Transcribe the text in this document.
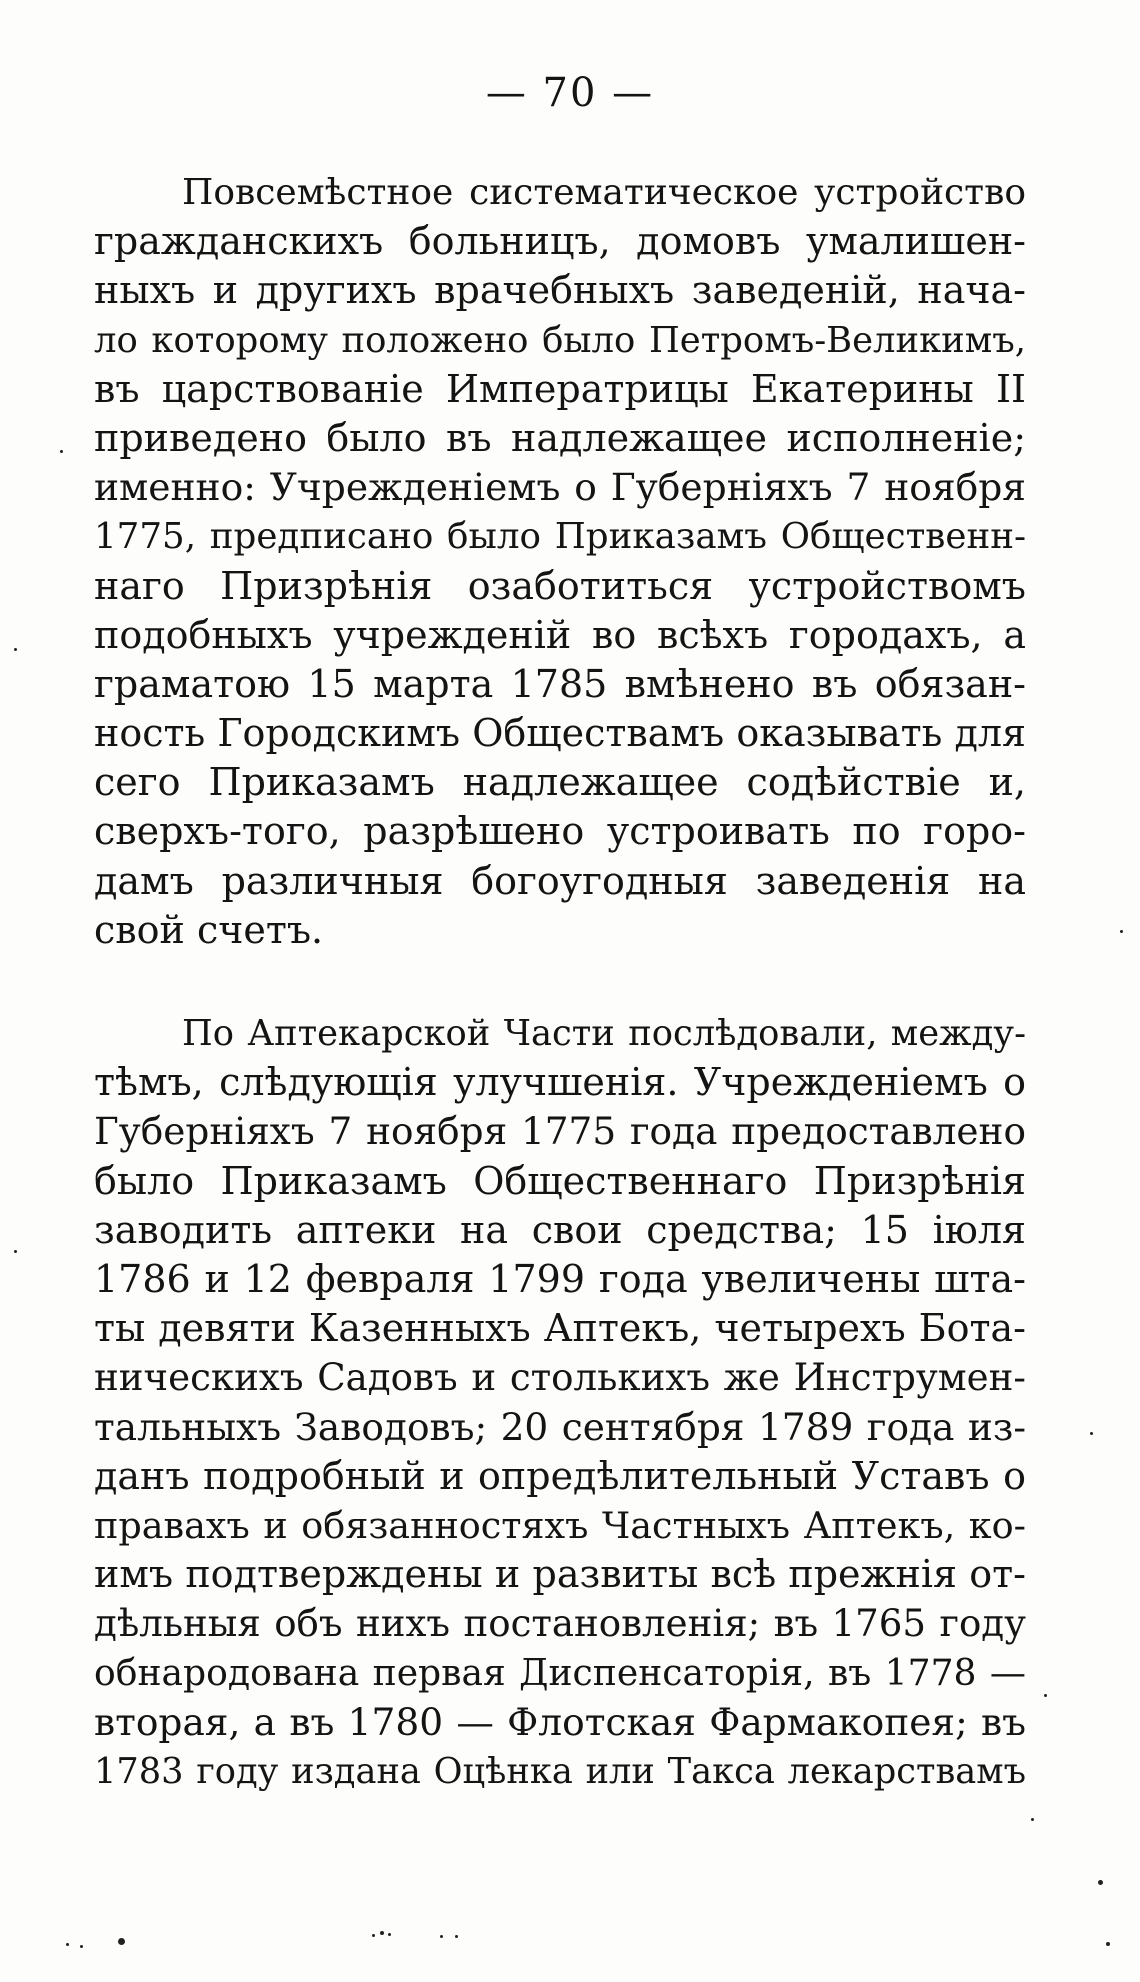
— 70 —
Повсемѣстное систематическое устройство
гражданскихъ больницъ, домовъ умалишен-
ныхъ и другихъ врачебныхъ заведеній, нача-
ло которому положено было Петромъ-Великимъ,
въ царствованіе Императрицы Екатерины II
приведено было въ надлежащее исполненіе;
именно: Учрежденіемъ о Губерніяхъ 7 ноября
1775, предписано было Приказамъ Общественн-
наго Призрѣнія озаботиться устройствомъ
подобныхъ учрежденій во всѣхъ городахъ, а
граматою 15 марта 1785 вмѣнено въ обязан-
ность Городскимъ Обществамъ оказывать для
сего Приказамъ надлежащее содѣйствіе и,
сверхъ-того, разрѣшено устроивать по горо-
дамъ различныя богоугодныя заведенія на
свой счетъ.
По Аптекарской Части послѣдовали, между-
тѣмъ, слѣдующія улучшенія. Учрежденіемъ о
Губерніяхъ 7 ноября 1775 года предоставлено
было Приказамъ Общественнаго Призрѣнія
заводить аптеки на свои средства; 15 іюля
1786 и 12 февраля 1799 года увеличены шта-
ты девяти Казенныхъ Аптекъ, четырехъ Бота-
ническихъ Садовъ и столькихъ же Инструмен-
тальныхъ Заводовъ; 20 сентября 1789 года из-
данъ подробный и опредѣлительный Уставъ о
правахъ и обязанностяхъ Частныхъ Аптекъ, ко-
имъ подтверждены и развиты всѣ прежнія от-
дѣльныя объ нихъ постановленія; въ 1765 году
обнародована первая Диспенсаторія, въ 1778 —
вторая, а въ 1780 — Флотская Фармакопея; въ
1783 году издана Оцѣнка или Такса лекарствамъ
